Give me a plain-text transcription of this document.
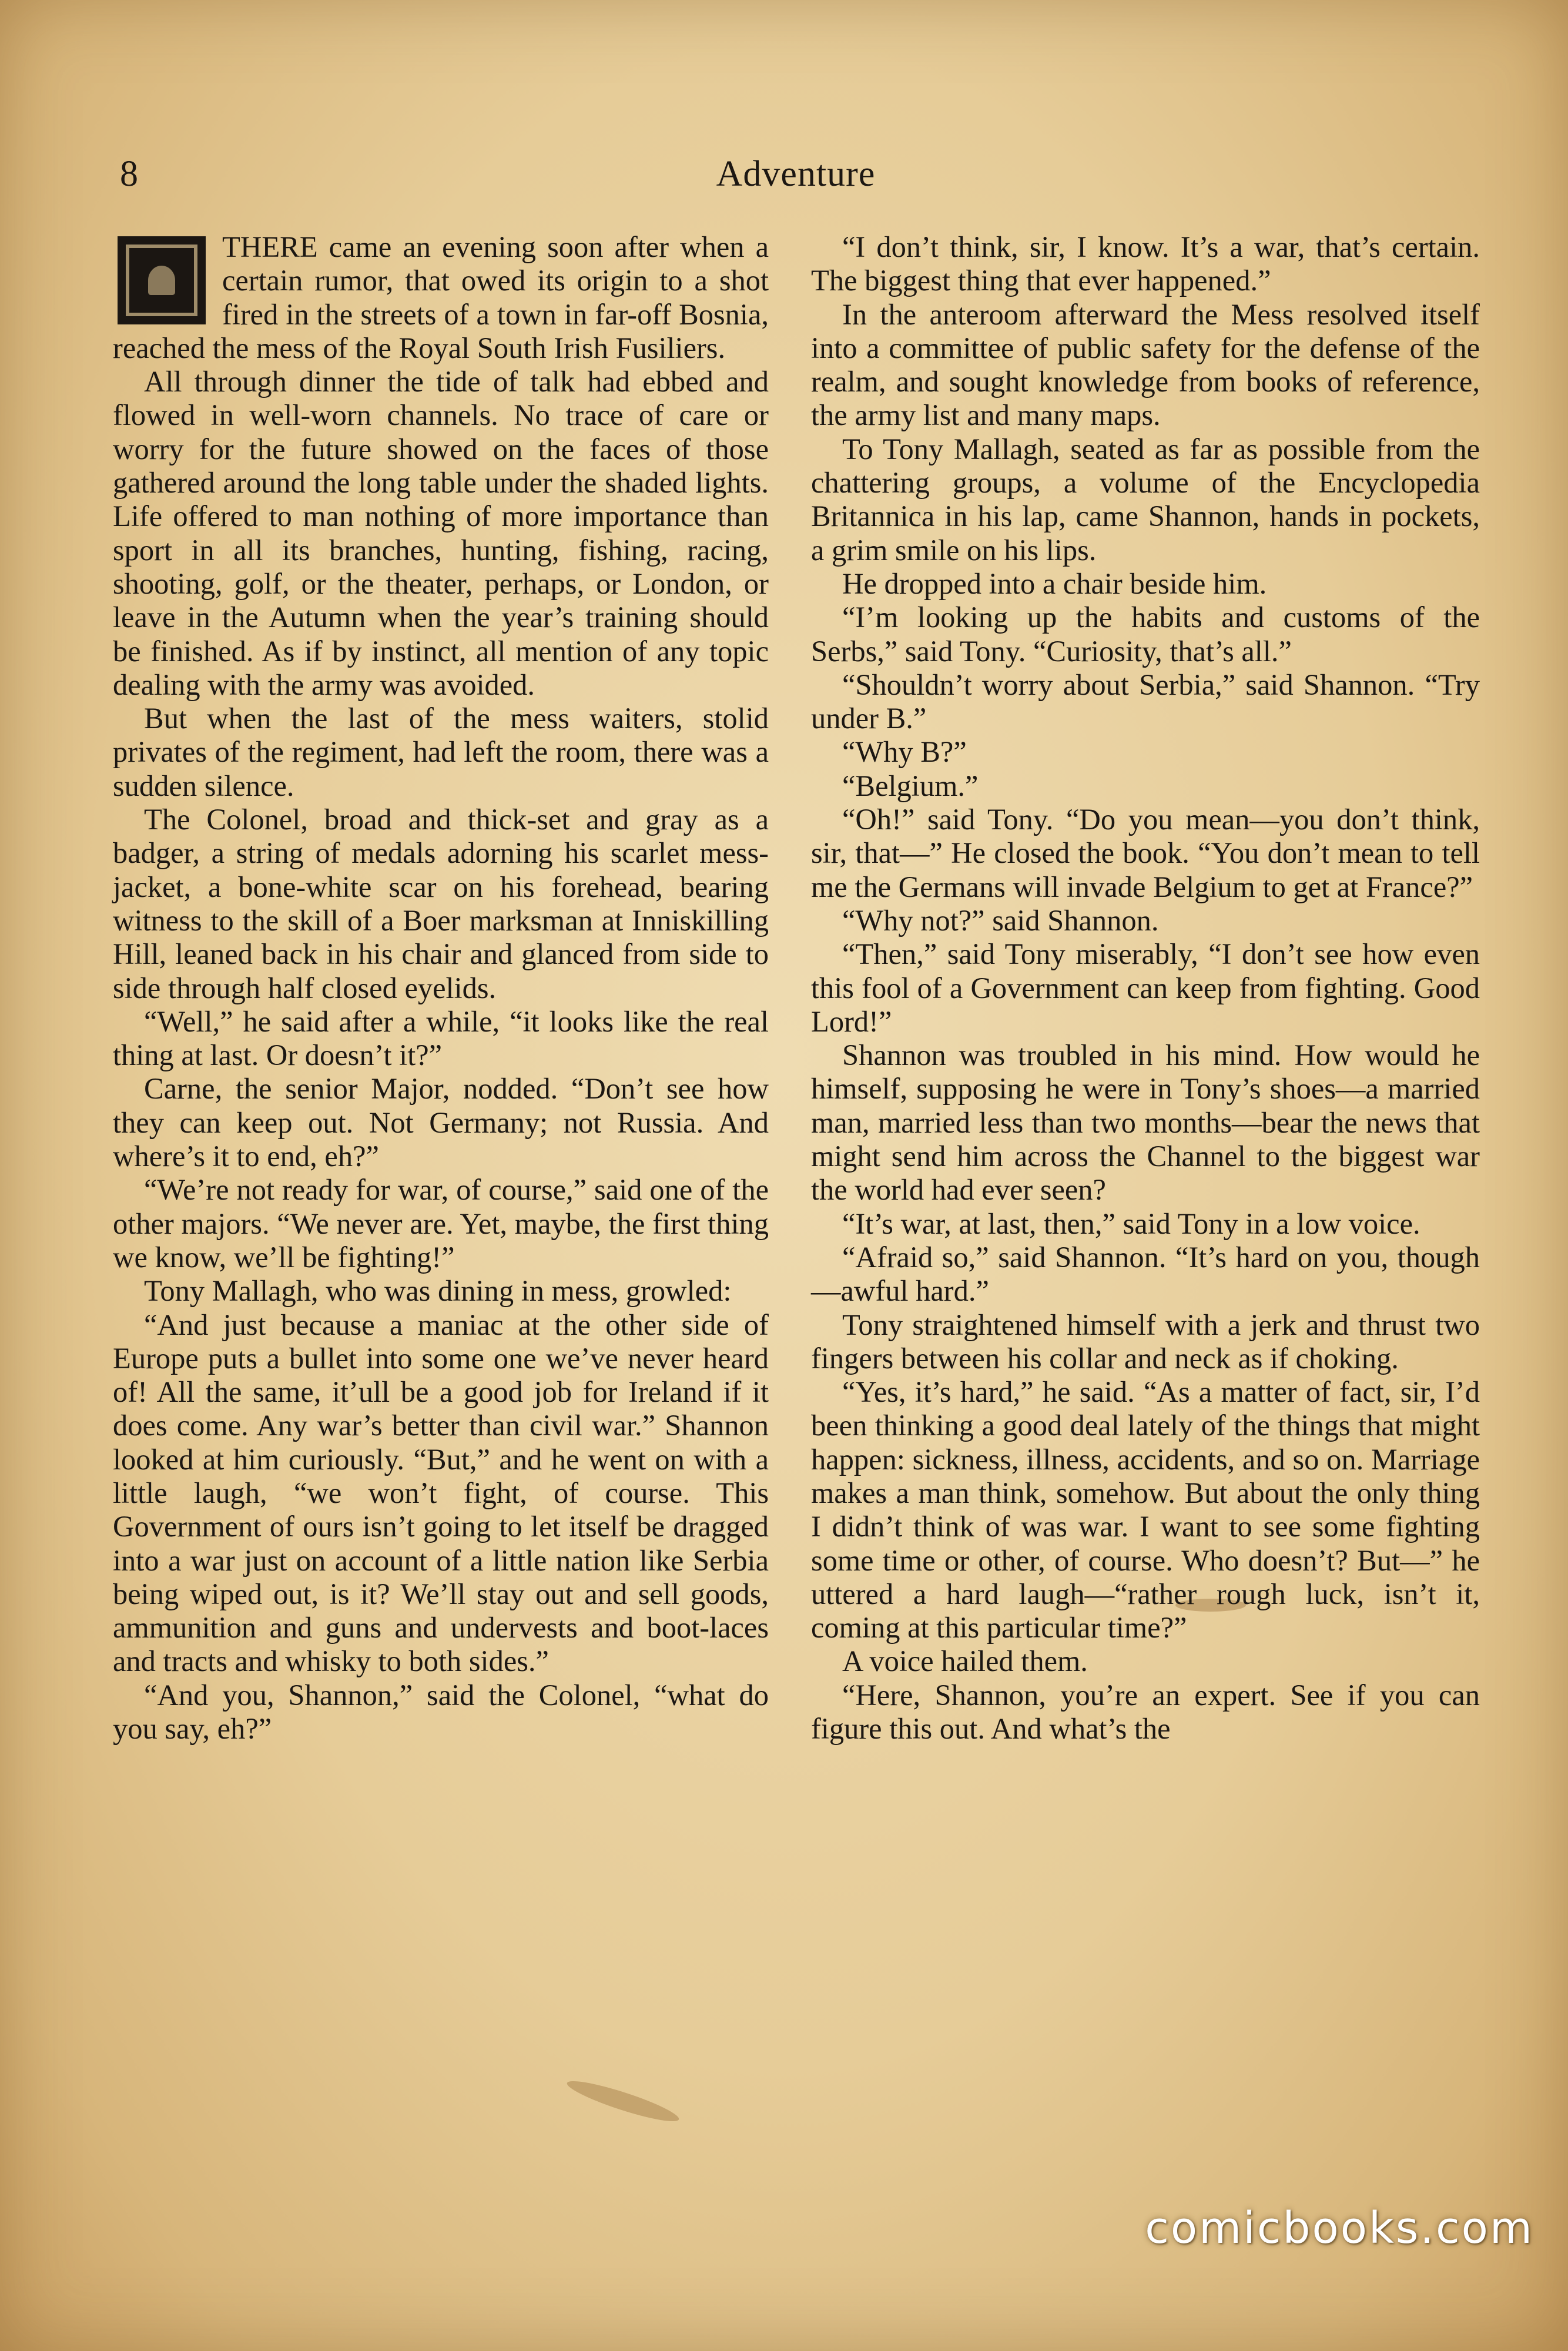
8	Adventure

THERE came an evening soon after when a certain rumor, that owed its origin to a shot fired in the streets of a town in far-off Bosnia, reached the mess of the Royal South Irish Fusiliers.

All through dinner the tide of talk had ebbed and flowed in well-worn channels. No trace of care or worry for the future showed on the faces of those gathered around the long table under the shaded lights. Life offered to man nothing of more importance than sport in all its branches, hunting, fishing, racing, shooting, golf, or the theater, perhaps, or London, or leave in the Autumn when the year’s training should be finished. As if by instinct, all mention of any topic dealing with the army was avoided.

But when the last of the mess waiters, stolid privates of the regiment, had left the room, there was a sudden silence.

The Colonel, broad and thick-set and gray as a badger, a string of medals adorning his scarlet mess-jacket, a bone-white scar on his forehead, bearing witness to the skill of a Boer marksman at Inniskilling Hill, leaned back in his chair and glanced from side to side through half closed eyelids.

“Well,” he said after a while, “it looks like the real thing at last. Or doesn’t it?”

Carne, the senior Major, nodded. “Don’t see how they can keep out. Not Germany; not Russia. And where’s it to end, eh?”

“We’re not ready for war, of course,” said one of the other majors. “We never are. Yet, maybe, the first thing we know, we’ll be fighting!”

Tony Mallagh, who was dining in mess, growled:

“And just because a maniac at the other side of Europe puts a bullet into some one we’ve never heard of! All the same, it’ull be a good job for Ireland if it does come. Any war’s better than civil war.” Shannon looked at him curiously. “But,” and he went on with a little laugh, “we won’t fight, of course. This Government of ours isn’t going to let itself be dragged into a war just on account of a little nation like Serbia being wiped out, is it? We’ll stay out and sell goods, ammunition and guns and undervests and boot-laces and tracts and whisky to both sides.”

“And you, Shannon,” said the Colonel, “what do you say, eh?”

“I don’t think, sir, I know. It’s a war, that’s certain. The biggest thing that ever happened.”

In the anteroom afterward the Mess resolved itself into a committee of public safety for the defense of the realm, and sought knowledge from books of reference, the army list and many maps.

To Tony Mallagh, seated as far as possible from the chattering groups, a volume of the Encyclopedia Britannica in his lap, came Shannon, hands in pockets, a grim smile on his lips.

He dropped into a chair beside him.

“I’m looking up the habits and customs of the Serbs,” said Tony. “Curiosity, that’s all.”

“Shouldn’t worry about Serbia,” said Shannon. “Try under B.”

“Why B?”

“Belgium.”

“Oh!” said Tony. “Do you mean—you don’t think, sir, that—” He closed the book. “You don’t mean to tell me the Germans will invade Belgium to get at France?”

“Why not?” said Shannon.

“Then,” said Tony miserably, “I don’t see how even this fool of a Government can keep from fighting. Good Lord!”

Shannon was troubled in his mind. How would he himself, supposing he were in Tony’s shoes—a married man, married less than two months—bear the news that might send him across the Channel to the biggest war the world had ever seen?

“It’s war, at last, then,” said Tony in a low voice.

“Afraid so,” said Shannon. “It’s hard on you, though—awful hard.”

Tony straightened himself with a jerk and thrust two fingers between his collar and neck as if choking.

“Yes, it’s hard,” he said. “As a matter of fact, sir, I’d been thinking a good deal lately of the things that might happen: sickness, illness, accidents, and so on. Marriage makes a man think, somehow. But about the only thing I didn’t think of was war. I want to see some fighting some time or other, of course. Who doesn’t? But—” he uttered a hard laugh—“rather rough luck, isn’t it, coming at this particular time?”

A voice hailed them.

“Here, Shannon, you’re an expert. See if you can figure this out. And what’s the

comicbooks.com
